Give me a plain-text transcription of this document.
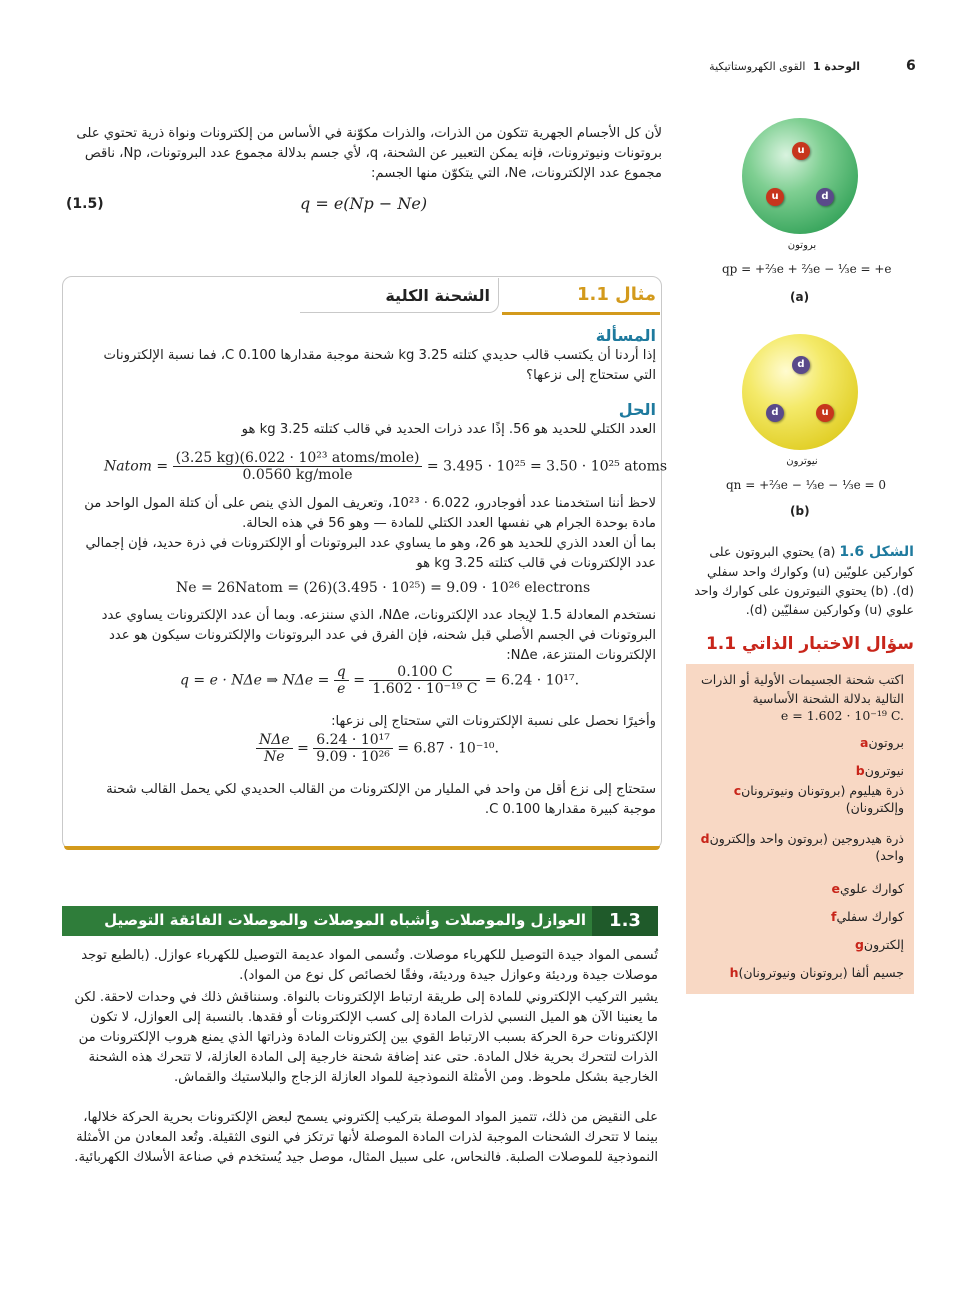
6
الوحدة 1 القوى الكهروستاتيكية
لأن كل الأجسام الجهرية تتكون من الذرات، والذرات مكوّنة في الأساس من إلكترونات ونواة ذرية تحتوي على بروتونات ونيوترونات، فإنه يمكن التعبير عن الشحنة، q، لأي جسم بدلالة مجموع عدد البروتونات، Np، ناقص مجموع عدد الإلكترونات، Ne، التي يتكوّن منها الجسم:
q = e(Np − Ne)
(1.5)
u
u	d
بروتون
qp = +⅔e + ⅔e − ⅓e = +e
(a)
d
d	u
نيوترون
qn = +⅔e − ⅓e − ⅓e = 0
(b)
الشكل 1.6 (a) يحتوي البروتون على كواركين علويّين (u) وكوارك واحد سفلي (d). (b) يحتوي النيوترون على كوارك واحد علوي (u) وكواركين سفليّين (d).
سؤال الاختبار الذاتي 1.1
اكتب شحنة الجسيمات الأولية أو الذرات التالية بدلالة الشحنة الأساسية
e = 1.602 · 10⁻¹⁹ C.
aبروتون
bنيوترون
cذرة هيليوم (بروتونان ونيوترونان وإلكترونان)
dذرة هيدروجين (بروتون واحد وإلكترون واحد)
eكوارك علوي
fكوارك سفلي
gإلكترون
hجسيم ألفا (بروتونان ونيوترونان)
مثال 1.1
الشحنة الكلية
المسألة
إذا أردنا أن يكتسب قالب حديدي كتلته 3.25 kg شحنة موجبة مقدارها 0.100 C، فما نسبة الإلكترونات التي ستحتاج إلى نزعها؟
الحل
العدد الكتلي للحديد هو 56. إذًا عدد ذرات الحديد في قالب كتلته 3.25 kg هو
Natom = $\frac{\text{(3.25 kg)(6.022 · 10²³ atoms/mole)}}{\text{0.0560 kg/mole}} = 3.495 \cdot 10^{25} = 3.50 \cdot 10^{25}$ atoms
لاحظ أننا استخدمنا عدد أفوجادرو، 6.022 · 10²³، وتعريف المول الذي ينص على أن كتلة المول الواحد من مادة بوحدة الجرام هي نفسها العدد الكتلي للمادة — وهو 56 في هذه الحالة.
بما أن العدد الذري للحديد هو 26، وهو ما يساوي عدد البروتونات أو الإلكترونات في ذرة حديد، فإن إجمالي عدد الإلكترونات في قالب كتلته 3.25 kg هو
Ne = 26Natom = (26)(3.495 · 10²⁵) = 9.09 · 10²⁶ electrons
نستخدم المعادلة 1.5 لإيجاد عدد الإلكترونات، NΔe، الذي سننزعه. وبما أن عدد الإلكترونات يساوي عدد البروتونات في الجسم الأصلي قبل شحنه، فإن الفرق في عدد البروتونات والإلكترونات سيكون هو عدد الإلكترونات المنتزعة، NΔe:
q = e · NΔe ⇒ $N\Delta e = \frac{q}{e} = \frac{0.100 C}{\text{1.602 · 10⁻¹⁹ C}} = 6.24 \cdot 10^{17}$.
وأخيرًا نحصل على نسبة الإلكترونات التي ستحتاج إلى نزعها:
$\frac{\text{NΔe}}{Ne} = \frac{\text{6.24 · 10¹⁷}}{\text{9.09 · 10²⁶}} = 6.87 \cdot 10^{-10}$.
ستحتاج إلى نزع أقل من واحد في المليار من الإلكترونات من القالب الحديدي لكي يحمل القالب شحنة موجبة كبيرة مقدارها 0.100 C.
1.3
العوازل والموصلات وأشباه الموصلات والموصلات الفائقة التوصيل
تُسمى المواد جيدة التوصيل للكهرباء موصلات. وتُسمى المواد عديمة التوصيل للكهرباء عوازل. (بالطبع توجد موصلات جيدة ورديئة وعوازل جيدة ورديئة، وفقًا لخصائص كل نوع من المواد).
يشير التركيب الإلكتروني للمادة إلى طريقة ارتباط الإلكترونات بالنواة. وسنناقش ذلك في وحدات لاحقة. لكن ما يعنينا الآن هو الميل النسبي لذرات المادة إلى كسب الإلكترونات أو فقدها. بالنسبة إلى العوازل، لا تكون الإلكترونات حرة الحركة بسبب الارتباط القوي بين إلكترونات المادة وذراتها الذي يمنع هروب الإلكترونات من الذرات لتتحرك بحرية خلال المادة. حتى عند إضافة شحنة خارجية إلى المادة العازلة، لا تتحرك هذه الشحنة الخارجية بشكل ملحوظ. ومن الأمثلة النموذجية للمواد العازلة الزجاج والبلاستيك والقماش.
على النقيض من ذلك، تتميز المواد الموصلة بتركيب إلكتروني يسمح لبعض الإلكترونات بحرية الحركة خلالها، بينما لا تتحرك الشحنات الموجبة لذرات المادة الموصلة لأنها ترتكز في النوى الثقيلة. وتُعد المعادن من الأمثلة النموذجية للموصلات الصلبة. فالنحاس، على سبيل المثال، موصل جيد يُستخدم في صناعة الأسلاك الكهربائية.
